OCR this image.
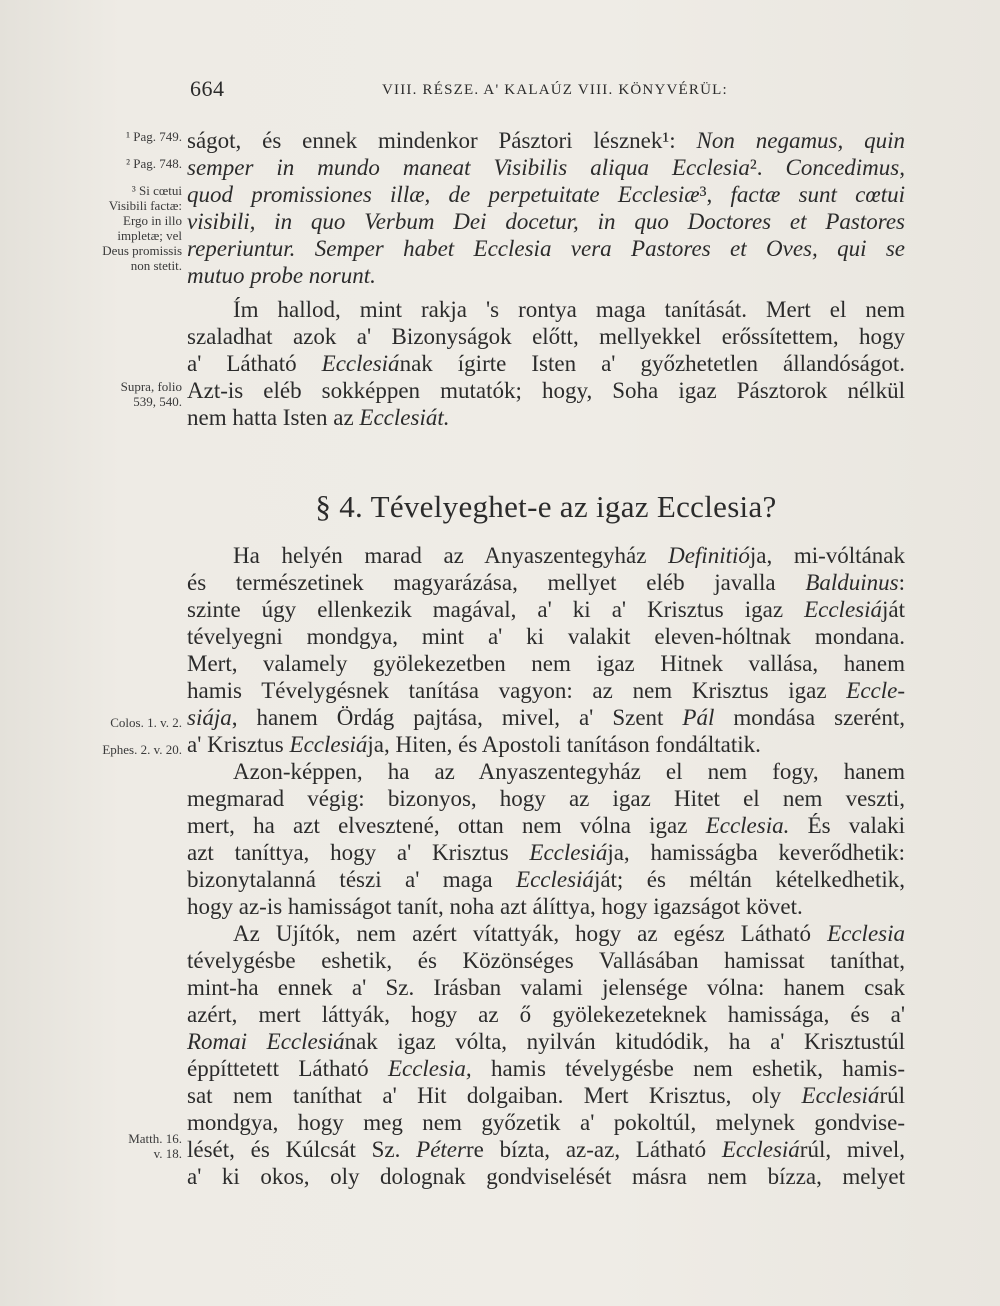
664	VIII. RÉSZE. A' KALAÚZ VIII. KÖNYVÉRÜL:
¹ Pag. 749.
² Pag. 748.
³ Si cœtui
Visibili factæ:
Ergo in illo
impletæ; vel
Deus promissis
non stetit.
Supra, folio
539, 540.
Colos. 1. v. 2.
Ephes. 2. v. 20.
Matth. 16.
v. 18.
§ 4. Tévelyeghet-e az igaz Ecclesia?
ságot, és ennek mindenkor Pásztori lésznek¹: Non negamus, quin
semper in mundo maneat Visibilis aliqua Ecclesia². Concedimus,
quod promissiones illæ, de perpetuitate Ecclesiæ³, factæ sunt cœtui
visibili, in quo Verbum Dei docetur, in quo Doctores et Pastores
reperiuntur. Semper habet Ecclesia vera Pastores et Oves, qui se
mutuo probe norunt.
Ím hallod, mint rakja 's rontya maga tanítását. Mert el nem
szaladhat azok a' Bizonyságok előtt, mellyekkel erőssítettem, hogy
a' Látható Ecclesiának ígirte Isten a' győzhetetlen állandóságot.
Azt-is eléb sokképpen mutatók; hogy, Soha igaz Pásztorok nélkül
nem hatta Isten az Ecclesiát.
Ha helyén marad az Anyaszentegyház Definitiója, mi-vóltának
és természetinek magyarázása, mellyet eléb javalla Balduinus:
szinte úgy ellenkezik magával, a' ki a' Krisztus igaz Ecclesiáját
tévelyegni mondgya, mint a' ki valakit eleven-hóltnak mondana.
Mert, valamely gyölekezetben nem igaz Hitnek vallása, hanem
hamis Tévelygésnek tanítása vagyon: az nem Krisztus igaz Eccle-
siája, hanem Ördág pajtása, mivel, a' Szent Pál mondása szerént,
a' Krisztus Ecclesiája, Hiten, és Apostoli tanításon fondáltatik.
Azon-képpen, ha az Anyaszentegyház el nem fogy, hanem
megmarad végig: bizonyos, hogy az igaz Hitet el nem veszti,
mert, ha azt elvesztené, ottan nem vólna igaz Ecclesia. És valaki
azt taníttya, hogy a' Krisztus Ecclesiája, hamisságba keverődhetik:
bizonytalanná tészi a' maga Ecclesiáját; és méltán kételkedhetik,
hogy az-is hamisságot tanít, noha azt álíttya, hogy igazságot követ.
Az Ujítók, nem azért vítattyák, hogy az egész Látható Ecclesia
tévelygésbe eshetik, és Közönséges Vallásában hamissat taníthat,
mint-ha ennek a' Sz. Irásban valami jelensége vólna: hanem csak
azért, mert láttyák, hogy az ő gyölekezeteknek hamissága, és a'
Romai Ecclesiának igaz vólta, nyilván kitudódik, ha a' Krisztustúl
éppíttetett Látható Ecclesia, hamis tévelygésbe nem eshetik, hamis-
sat nem taníthat a' Hit dolgaiban. Mert Krisztus, oly Ecclesiárúl
mondgya, hogy meg nem győzetik a' pokoltúl, melynek gondvise-
lését, és Kúlcsát Sz. Péterre bízta, az-az, Látható Ecclesiárúl, mivel,
a' ki okos, oly dolognak gondviselését másra nem bízza, melyet
